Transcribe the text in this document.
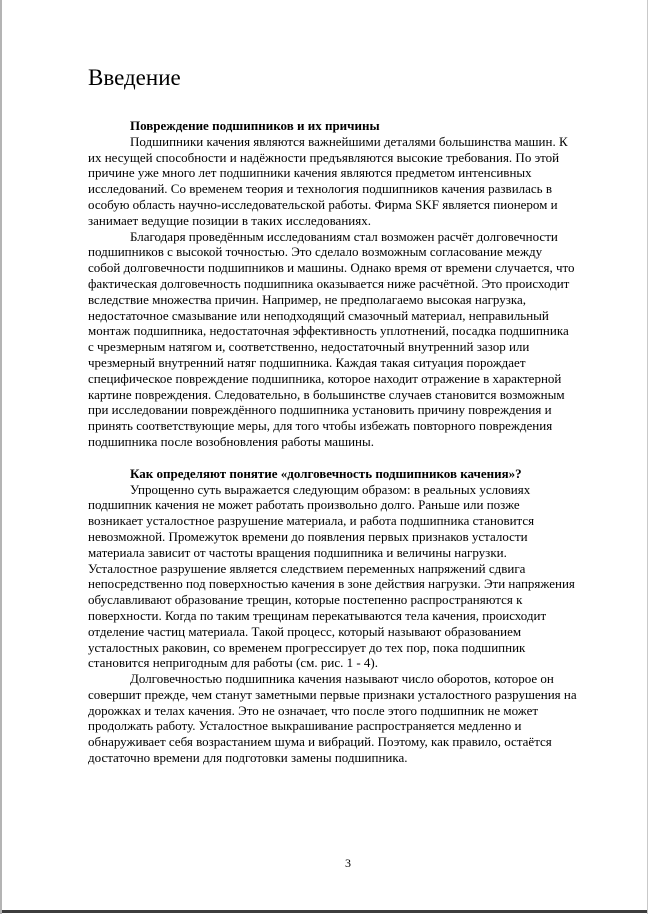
Введение

Повреждение подшипников и их причины

Подшипники качения являются важнейшими деталями большинства машин. К их несущей способности и надёжности предъявляются высокие требования. По этой причине уже много лет подшипники качения являются предметом интенсивных исследований. Со временем теория и технология подшипников качения развилась в особую область научно-исследовательской работы. Фирма SKF является пионером и занимает ведущие позиции в таких исследованиях.

Благодаря проведённым исследованиям стал возможен расчёт долговечности подшипников с высокой точностью. Это сделало возможным согласование между собой долговечности подшипников и машины. Однако время от времени случается, что фактическая долговечность подшипника оказывается ниже расчётной. Это происходит вследствие множества причин. Например, не предполагаемо высокая нагрузка, недостаточное смазывание или неподходящий смазочный материал, неправильный монтаж подшипника, недостаточная эффективность уплотнений, посадка подшипника с чрезмерным натягом и, соответственно, недостаточный внутренний зазор или чрезмерный внутренний натяг подшипника. Каждая такая ситуация порождает специфическое повреждение подшипника, которое находит отражение в характерной картине повреждения. Следовательно, в большинстве случаев становится возможным при исследовании повреждённого подшипника установить причину повреждения и принять соответствующие меры, для того чтобы избежать повторного повреждения подшипника после возобновления работы машины.

Как определяют понятие «долговечность подшипников качения»?

Упрощенно суть выражается следующим образом: в реальных условиях подшипник качения не может работать произвольно долго. Раньше или позже возникает усталостное разрушение материала, и работа подшипника становится невозможной. Промежуток времени до появления первых признаков усталости материала зависит от частоты вращения подшипника и величины нагрузки. Усталостное разрушение является следствием переменных напряжений сдвига непосредственно под поверхностью качения в зоне действия нагрузки. Эти напряжения обуславливают образование трещин, которые постепенно распространяются к поверхности. Когда по таким трещинам перекатываются тела качения, происходит отделение частиц материала. Такой процесс, который называют образованием усталостных раковин, со временем прогрессирует до тех пор, пока подшипник становится непригодным для работы (см. рис. 1 - 4).

Долговечностью подшипника качения называют число оборотов, которое он совершит прежде, чем станут заметными первые признаки усталостного разрушения на дорожках и телах качения. Это не означает, что после этого подшипник не может продолжать работу. Усталостное выкрашивание распространяется медленно и обнаруживает себя возрастанием шума и вибраций. Поэтому, как правило, остаётся достаточно времени для подготовки замены подшипника.

3
